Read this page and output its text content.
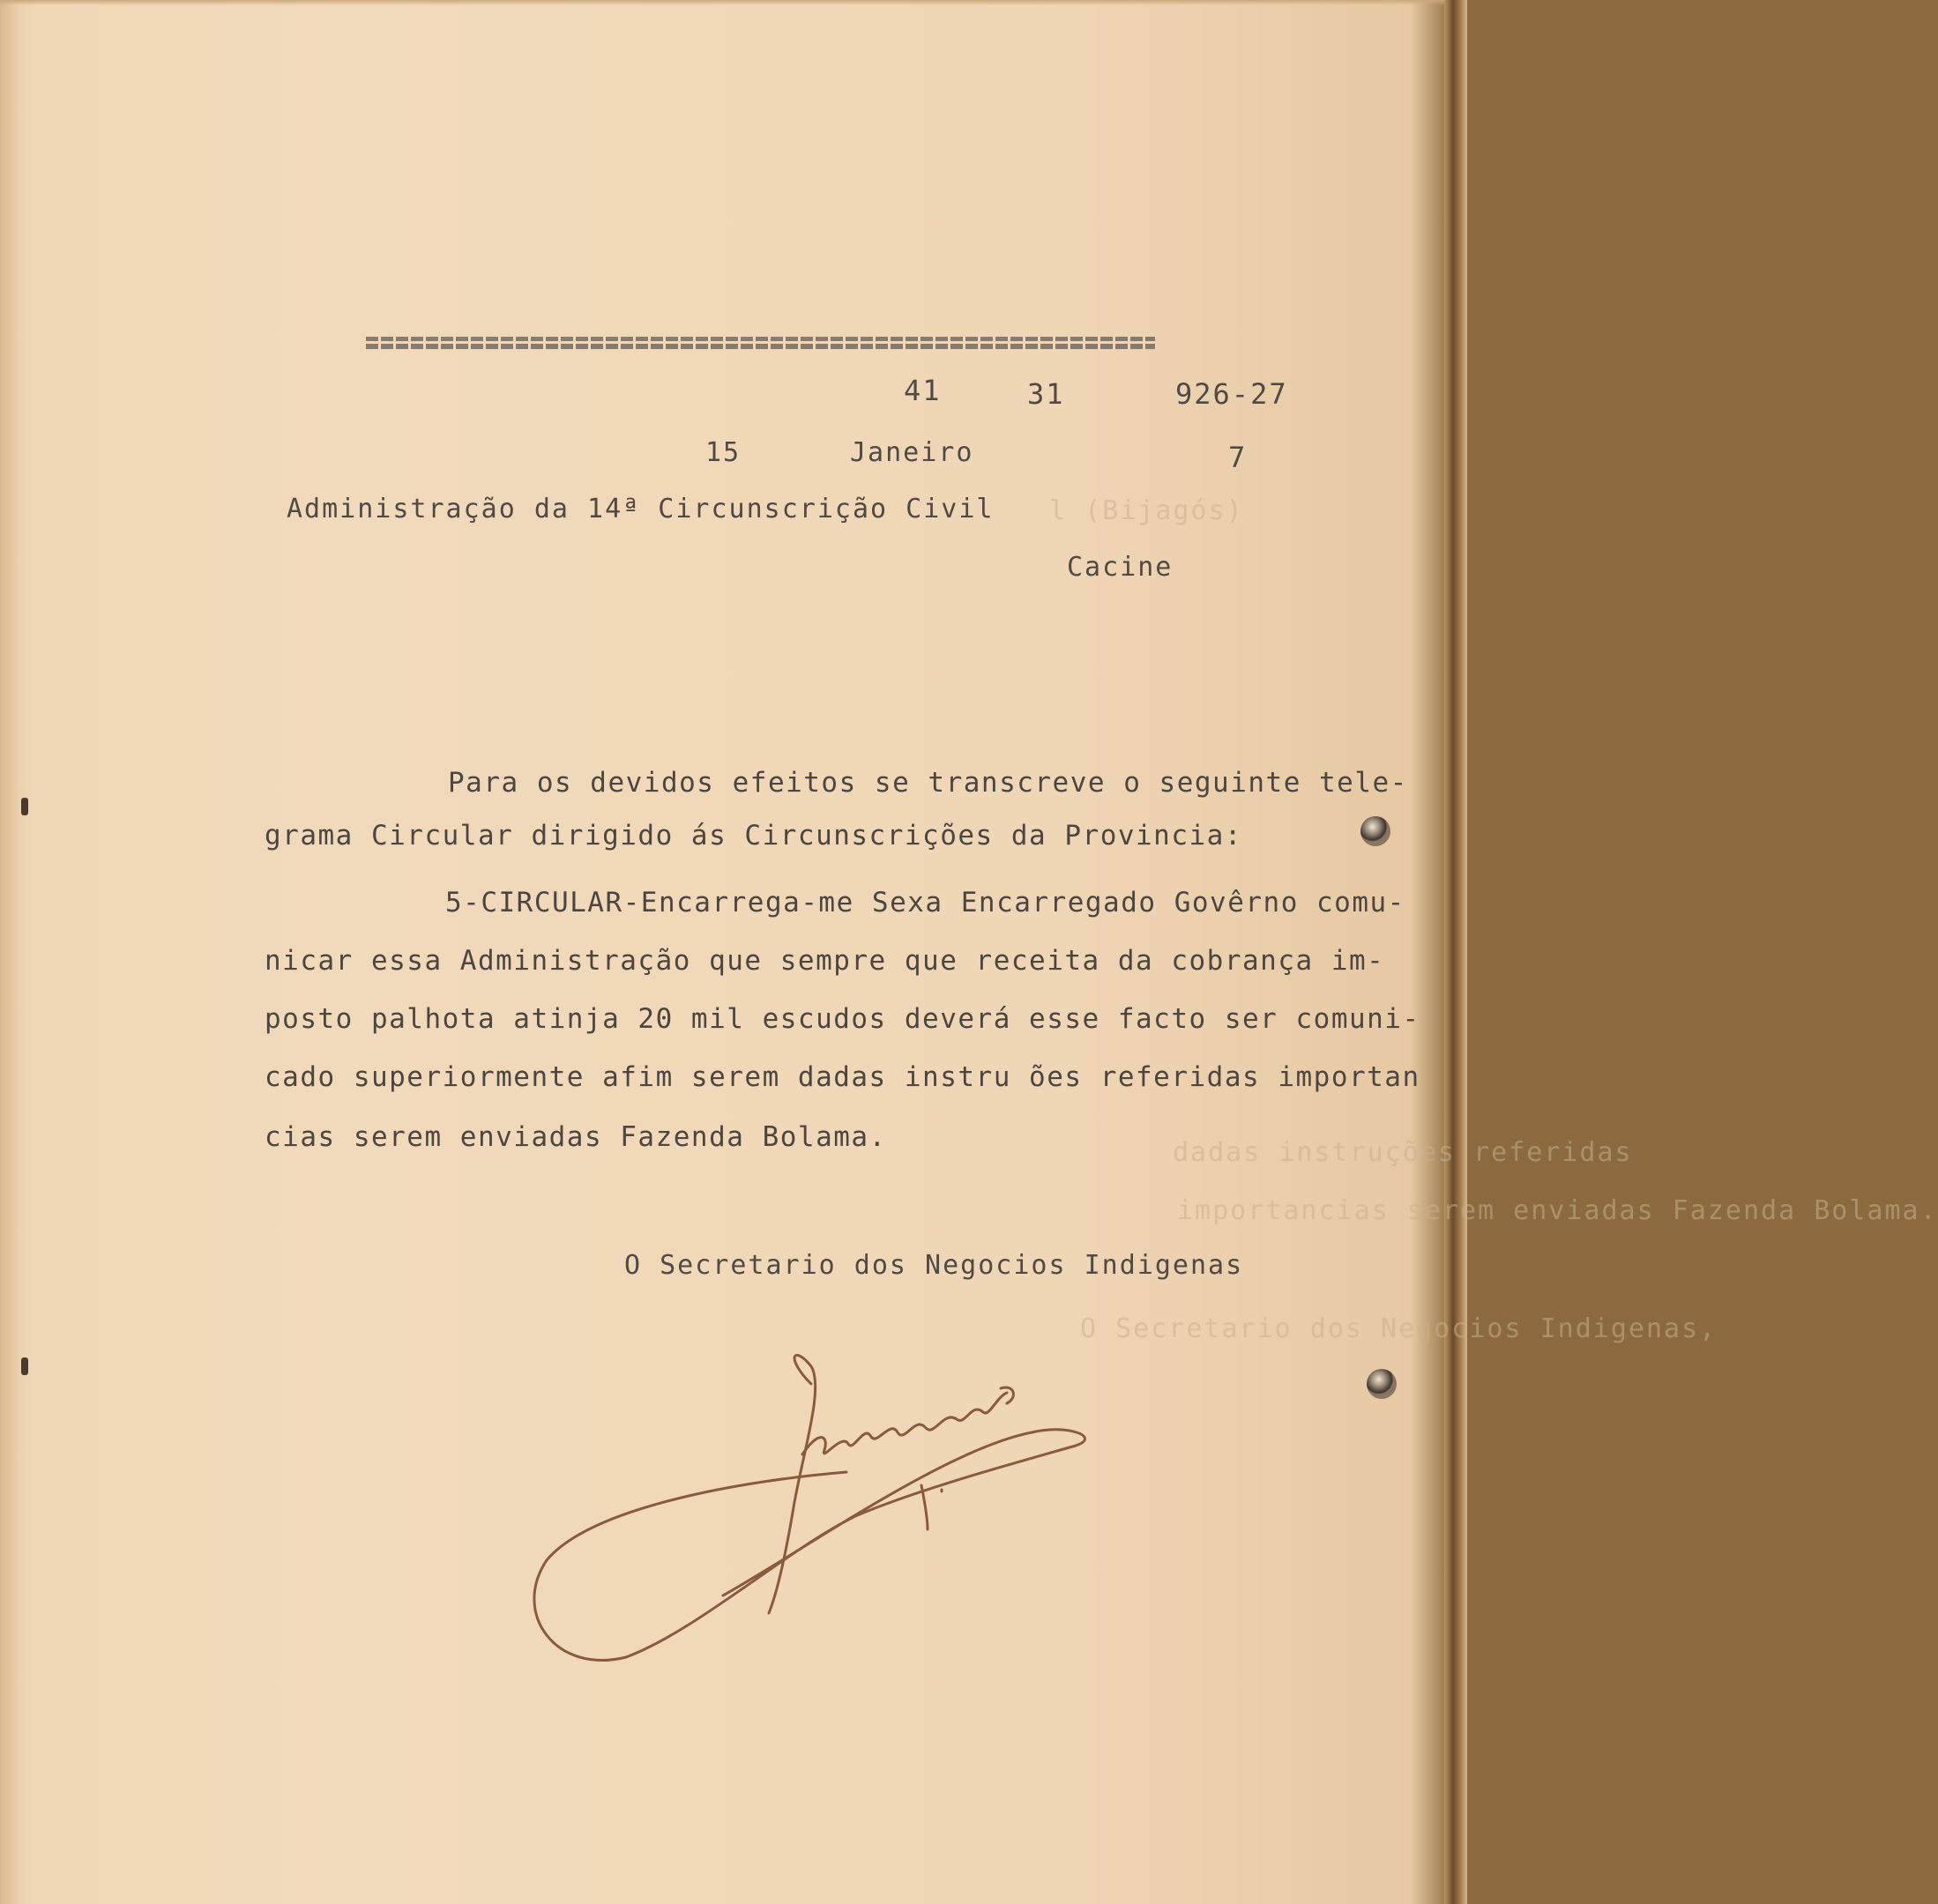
41	31	926-27
15	Janeiro	7
Administração da 14ª Circunscrição Civil l (Bijagós)
Cacine
Para os devidos efeitos se transcreve o seguinte tele-
grama Circular dirigido ás Circunscrições da Provincia:
5-CIRCULAR-Encarrega-me Sexa Encarregado Govêrno comu-
nicar essa Administração que sempre que receita da cobrança im-
posto palhota atinja 20 mil escudos deverá esse facto ser comuni-
cado superiormente afim serem dadas instru ões referidas importan
cias serem enviadas Fazenda Bolama.	dadas instruções referidas
importancias serem enviadas Fazenda Bolama.
O Secretario dos Negocios Indigenas,
O Secretario dos Negocios Indigenas
